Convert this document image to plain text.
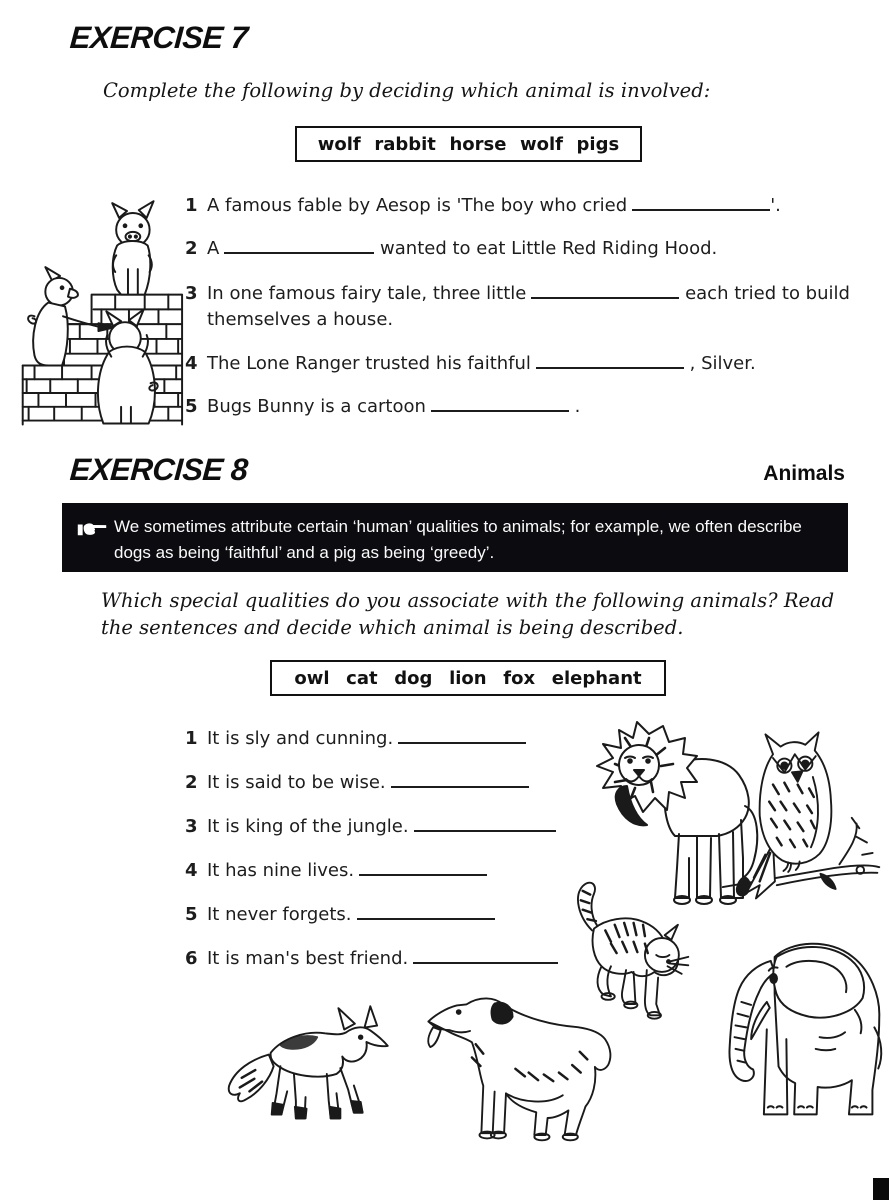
EXERCISE 7
Complete the following by deciding which animal is involved:
wolf rabbit horse wolf pigs
1 A famous fable by Aesop is 'The boy who cried	'.
2 A	wanted to eat Little Red Riding Hood.
3 In one famous fairy tale, three little	each tried to build themselves a house.
4 The Lone Ranger trusted his faithful	, Silver.
5 Bugs Bunny is a cartoon	.
EXERCISE 8	Animals
We sometimes attribute certain ‘human’ qualities to animals; for example, we often describe dogs as being ‘faithful’ and a pig as being ‘greedy’.
Which special qualities do you associate with the following animals? Read the sentences and decide which animal is being described.
owl cat dog lion fox elephant
1 It is sly and cunning.
2 It is said to be wise.
3 It is king of the jungle.
4 It has nine lives.
5 It never forgets.
6 It is man's best friend.
